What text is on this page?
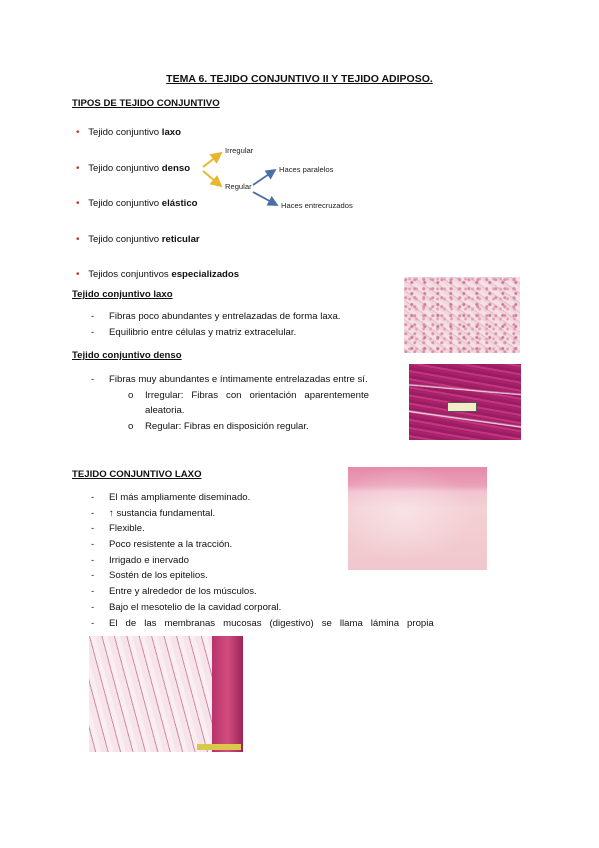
TEMA 6. TEJIDO CONJUNTIVO II Y TEJIDO ADIPOSO.
TIPOS DE TEJIDO CONJUNTIVO
• Tejido conjuntivo laxo
• Tejido conjuntivo denso
• Tejido conjuntivo elástico
• Tejido conjuntivo reticular
• Tejidos conjuntivos especializados
Irregular
Regular
Haces paralelos
Haces entrecruzados
Tejido conjuntivo laxo
- Fibras poco abundantes y entrelazadas de forma laxa.
- Equilibrio entre células y matriz extracelular.
Tejido conjuntivo denso
- Fibras muy abundantes e íntimamente entrelazadas entre sí.
o Irregular:   Fibras   con   orientación   aparentemente
aleatoria.
o Regular: Fibras en disposición regular.
TEJIDO CONJUNTIVO LAXO
- El más ampliamente diseminado.
- ↑ sustancia fundamental.
- Flexible.
- Poco resistente a la tracción.
- Irrigado e inervado
- Sostén de los epitelios.
- Entre y alrededor de los músculos.
- Bajo el mesotelio de la cavidad corporal.
- El   de   las   membranas   mucosas   (digestivo)   se   llama   lámina   propia
